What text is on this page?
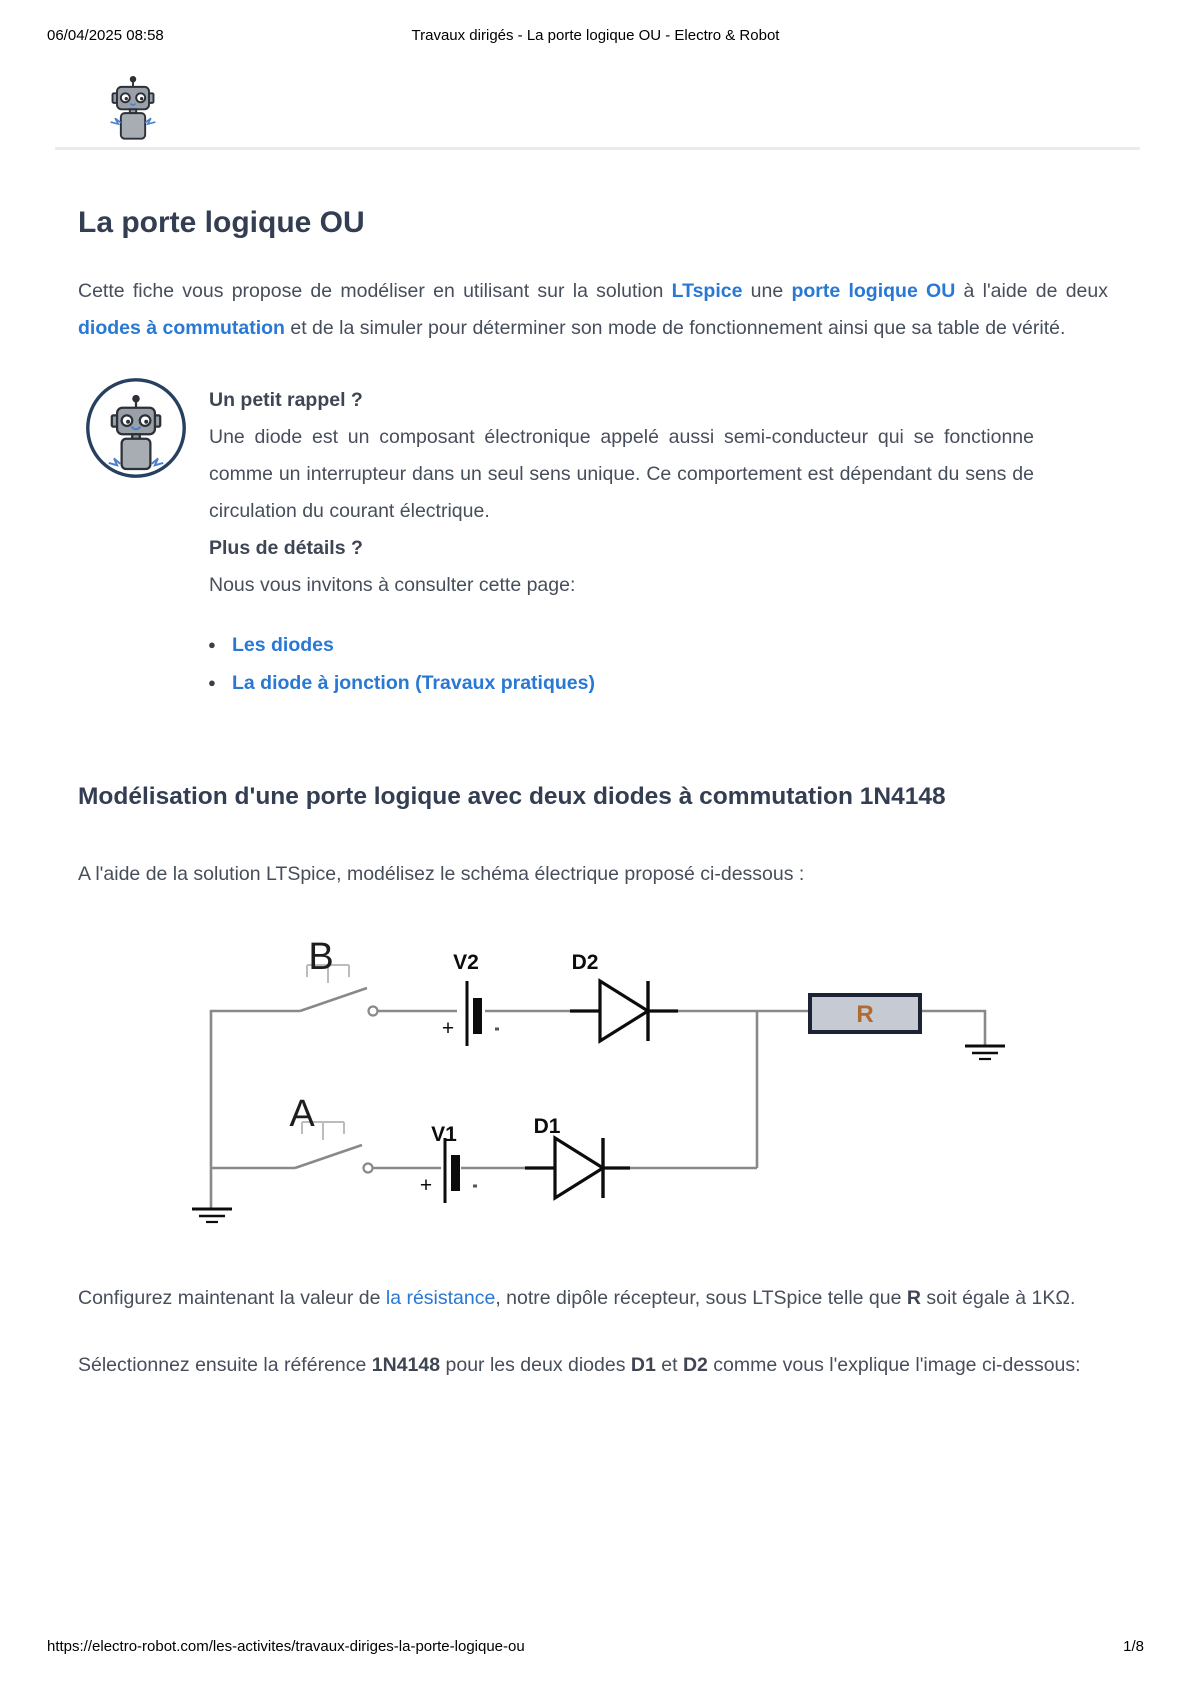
06/04/2025 08:58	Travaux dirigés - La porte logique OU - Electro & Robot
La porte logique OU

Cette fiche vous propose de modéliser en utilisant sur la solution LTspice une porte logique OU à l'aide de deux diodes à commutation et de la simuler pour déterminer son mode de fonctionnement ainsi que sa table de vérité.

Un petit rappel ?

Une diode est un composant électronique appelé aussi semi-conducteur qui se fonctionne comme un interrupteur dans un seul sens unique. Ce comportement est dépendant du sens de circulation du courant électrique.

Plus de détails ?

Nous vous invitons à consulter cette page:

● Les diodes
● La diode à jonction (Travaux pratiques)
Modélisation d'une porte logique avec deux diodes à commutation 1N4148

A l'aide de la solution LTSpice, modélisez le schéma électrique proposé ci-dessous :

B
+
V2	D2
R
A
+
V1	D1

Configurez maintenant la valeur de la résistance, notre dipôle récepteur, sous LTSpice telle que R soit égale à 1KΩ.

Sélectionnez ensuite la référence 1N4148 pour les deux diodes D1 et D2 comme vous l'explique l'image ci-dessous:

https://electro-robot.com/les-activites/travaux-diriges-la-porte-logique-ou	1/8
